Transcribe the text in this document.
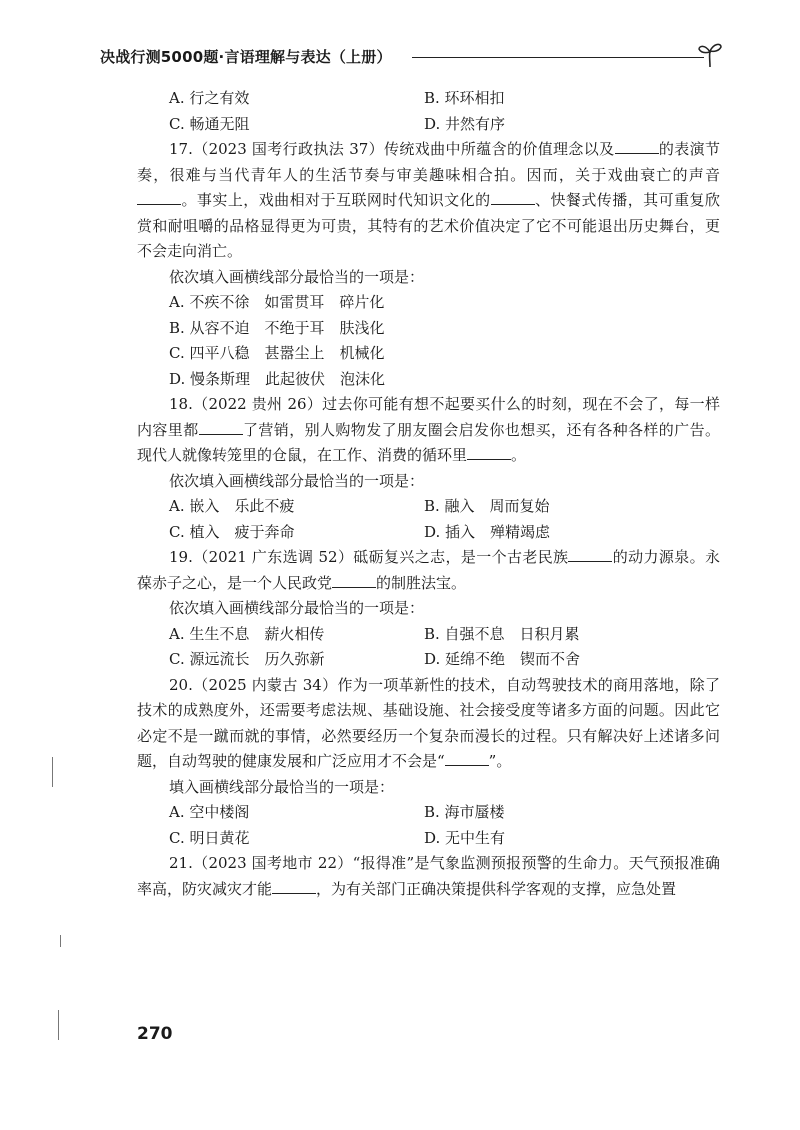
决战行测5000题·言语理解与表达（上册）

A. 行之有效	B. 环环相扣

C. 畅通无阻	D. 井然有序

17.（2023 国考行政执法 37）传统戏曲中所蕴含的价值理念以及	的表演节奏，很难与当代青年人的生活节奏与审美趣味相合拍。因而，关于戏曲衰亡的声音。事实上，戏曲相对于互联网时代知识文化的	、快餐式传播，其可重复欣赏和耐咀嚼的品格显得更为可贵，其特有的艺术价值决定了它不可能退出历史舞台，更不会走向消亡。

依次填入画横线部分最恰当的一项是：

A. 不疾不徐　如雷贯耳　碎片化

B. 从容不迫　不绝于耳　肤浅化

C. 四平八稳　甚嚣尘上　机械化

D. 慢条斯理　此起彼伏　泡沫化

18.（2022 贵州 26）过去你可能有想不起要买什么的时刻，现在不会了，每一样内容里都	了营销，别人购物发了朋友圈会启发你也想买，还有各种各样的广告。现代人就像转笼里的仓鼠，在工作、消费的循环里	。

依次填入画横线部分最恰当的一项是：

A. 嵌入　乐此不疲	B. 融入　周而复始

C. 植入　疲于奔命	D. 插入　殚精竭虑

19.（2021 广东选调 52）砥砺复兴之志，是一个古老民族	的动力源泉。永葆赤子之心，是一个人民政党	的制胜法宝。

依次填入画横线部分最恰当的一项是：

A. 生生不息　薪火相传	B. 自强不息　日积月累

C. 源远流长　历久弥新	D. 延绵不绝　锲而不舍

20.（2025 内蒙古 34）作为一项革新性的技术，自动驾驶技术的商用落地，除了技术的成熟度外，还需要考虑法规、基础设施、社会接受度等诸多方面的问题。因此它必定不是一蹴而就的事情，必然要经历一个复杂而漫长的过程。只有解决好上述诸多问题，自动驾驶的健康发展和广泛应用才不会是“	”。

填入画横线部分最恰当的一项是：

A. 空中楼阁	B. 海市蜃楼

C. 明日黄花	D. 无中生有

21.（2023 国考地市 22）“报得准”是气象监测预报预警的生命力。天气预报准确率高，防灾减灾才能	，为有关部门正确决策提供科学客观的支撑，应急处置

270
